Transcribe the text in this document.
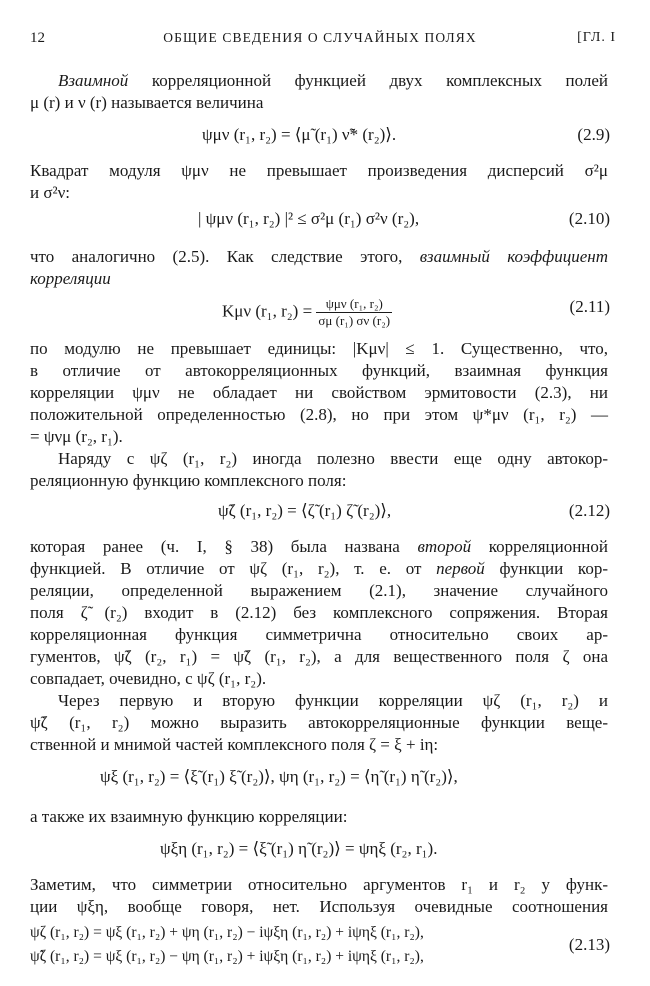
12	ОБЩИЕ СВЕДЕНИЯ О СЛУЧАЙНЫХ ПОЛЯХ	[ГЛ. I
Взаимной корреляционной функцией двух комплексных полей
μ (r) и ν (r) называется величина
ψμν (r₁, r₂) = ⟨μ̃ (r₁) ν̃* (r₂)⟩.	(2.9)
Квадрат модуля ψμν не превышает произведения дисперсий σ²μ
и σ²ν:
| ψμν (r₁, r₂) |² ≤ σ²μ (r₁) σ²ν (r₂),	(2.10)
что аналогично (2.5). Как следствие этого, взаимный коэффициент
корреляции
Kμν (r₁, $r_2) = \frac{\text{ψμν (r₁, r₂)}}{\text{σμ (r₁) σν (r₂)}}$	(2.11)
по модулю не превышает единицы: |Kμν| ≤ 1. Существенно, что,
в отличие от автокорреляционных функций, взаимная функция
корреляции ψμν не обладает ни свойством эрмитовости (2.3), ни
положительной определенностью (2.8), но при этом ψ*μν (r₁, r₂) —
= ψνμ (r₂, r₁).
Наряду с ψζ (r₁, r₂) иногда полезно ввести еще одну автокор-
реляционную функцию комплексного поля:
ψ̃ζ (r₁, r₂) = ⟨ζ̃ (r₁) ζ̃ (r₂)⟩,	(2.12)
которая ранее (ч. I, § 38) была названа второй корреляционной
функцией. В отличие от ψζ (r₁, r₂), т. е. от первой функции кор-
реляции, определенной выражением (2.1), значение случайного
поля ζ̃ (r₂) входит в (2.12) без комплексного сопряжения. Вторая
корреляционная функция симметрична относительно своих ар-
гументов, ψ̃ζ (r₂, r₁) = ψ̃ζ (r₁, r₂), а для вещественного поля ζ она
совпадает, очевидно, с ψζ (r₁, r₂).
Через первую и вторую функции корреляции ψζ (r₁, r₂) и
ψ̃ζ (r₁, r₂) можно выразить автокорреляционные функции веще-
ственной и мнимой частей комплексного поля ζ = ξ + iη:
ψξ (r₁, r₂) = ⟨ξ̃ (r₁) ξ̃ (r₂)⟩, ψη (r₁, r₂) = ⟨η̃ (r₁) η̃ (r₂)⟩,
а также их взаимную функцию корреляции:
ψξη (r₁, r₂) = ⟨ξ̃ (r₁) η̃ (r₂)⟩ = ψηξ (r₂, r₁).
Заметим, что симметрии относительно аргументов r₁ и r₂ у функ-
ции ψξη, вообще говоря, нет. Используя очевидные соотношения
ψζ (r₁, r₂) = ψξ (r₁, r₂) + ψη (r₁, r₂) − iψξη (r₁, r₂) + iψηξ (r₁, r₂),
ψ̃ζ (r₁, r₂) = ψξ (r₁, r₂) − ψη (r₁, r₂) + iψξη (r₁, r₂) + iψηξ (r₁, r₂),
(2.13)
